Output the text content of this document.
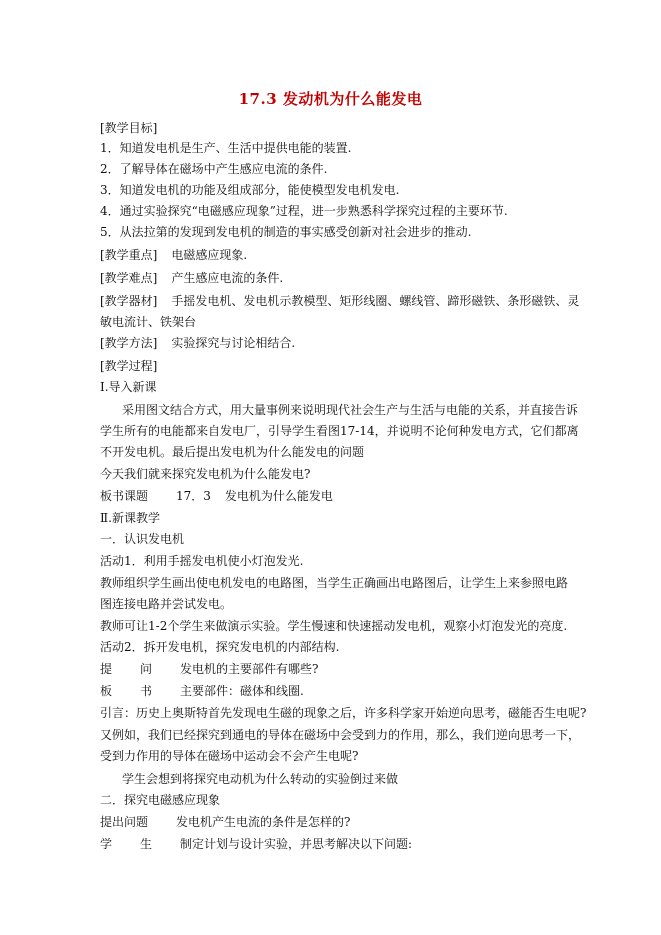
17.3 发动机为什么能发电
[教学目标]
1．知道发电机是生产、生活中提供电能的装置.
2．了解导体在磁场中产生感应电流的条件.
3．知道发电机的功能及组成部分，能使模型发电机发电.
4．通过实验探究“电磁感应现象”过程，进一步熟悉科学探究过程的主要环节.
5．从法拉第的发现到发电机的制造的事实感受创新对社会进步的推动.
[教学重点] 电磁感应现象.
[教学难点] 产生感应电流的条件.
[教学器材] 手摇发电机、发电机示教模型、矩形线圈、螺线管、蹄形磁铁、条形磁铁、灵
敏电流计、铁架台
[教学方法] 实验探究与讨论相结合.
[教学过程]
Ⅰ.导入新课
采用图文结合方式，用大量事例来说明现代社会生产与生活与电能的关系，并直接告诉
学生所有的电能都来自发电厂，引导学生看图17-14，并说明不论何种发电方式，它们都离
不开发电机。最后提出发电机为什么能发电的问题
今天我们就来探究发电机为什么能发电?
板书课题 17．3 发电机为什么能发电
Ⅱ.新课教学
一．认识发电机
活动1．利用手摇发电机使小灯泡发光.
教师组织学生画出使电机发电的电路图，当学生正确画出电路图后，让学生上来参照电路
图连接电路并尝试发电。
教师可让1-2个学生来做演示实验。学生慢速和快速摇动发电机，观察小灯泡发光的亮度.
活动2．拆开发电机，探究发电机的内部结构.
提 问 发电机的主要部件有哪些?
板 书 主要部件：磁体和线圈.
引言：历史上奥斯特首先发现电生磁的现象之后，许多科学家开始逆向思考，磁能否生电呢?
又例如，我们已经探究到通电的导体在磁场中会受到力的作用，那么，我们逆向思考一下，
受到力作用的导体在磁场中运动会不会产生电呢?
学生会想到将探究电动机为什么转动的实验倒过来做
二．探究电磁感应现象
提出问题 发电机产生电流的条件是怎样的?
学 生 制定计划与设计实验，并思考解决以下问题:
